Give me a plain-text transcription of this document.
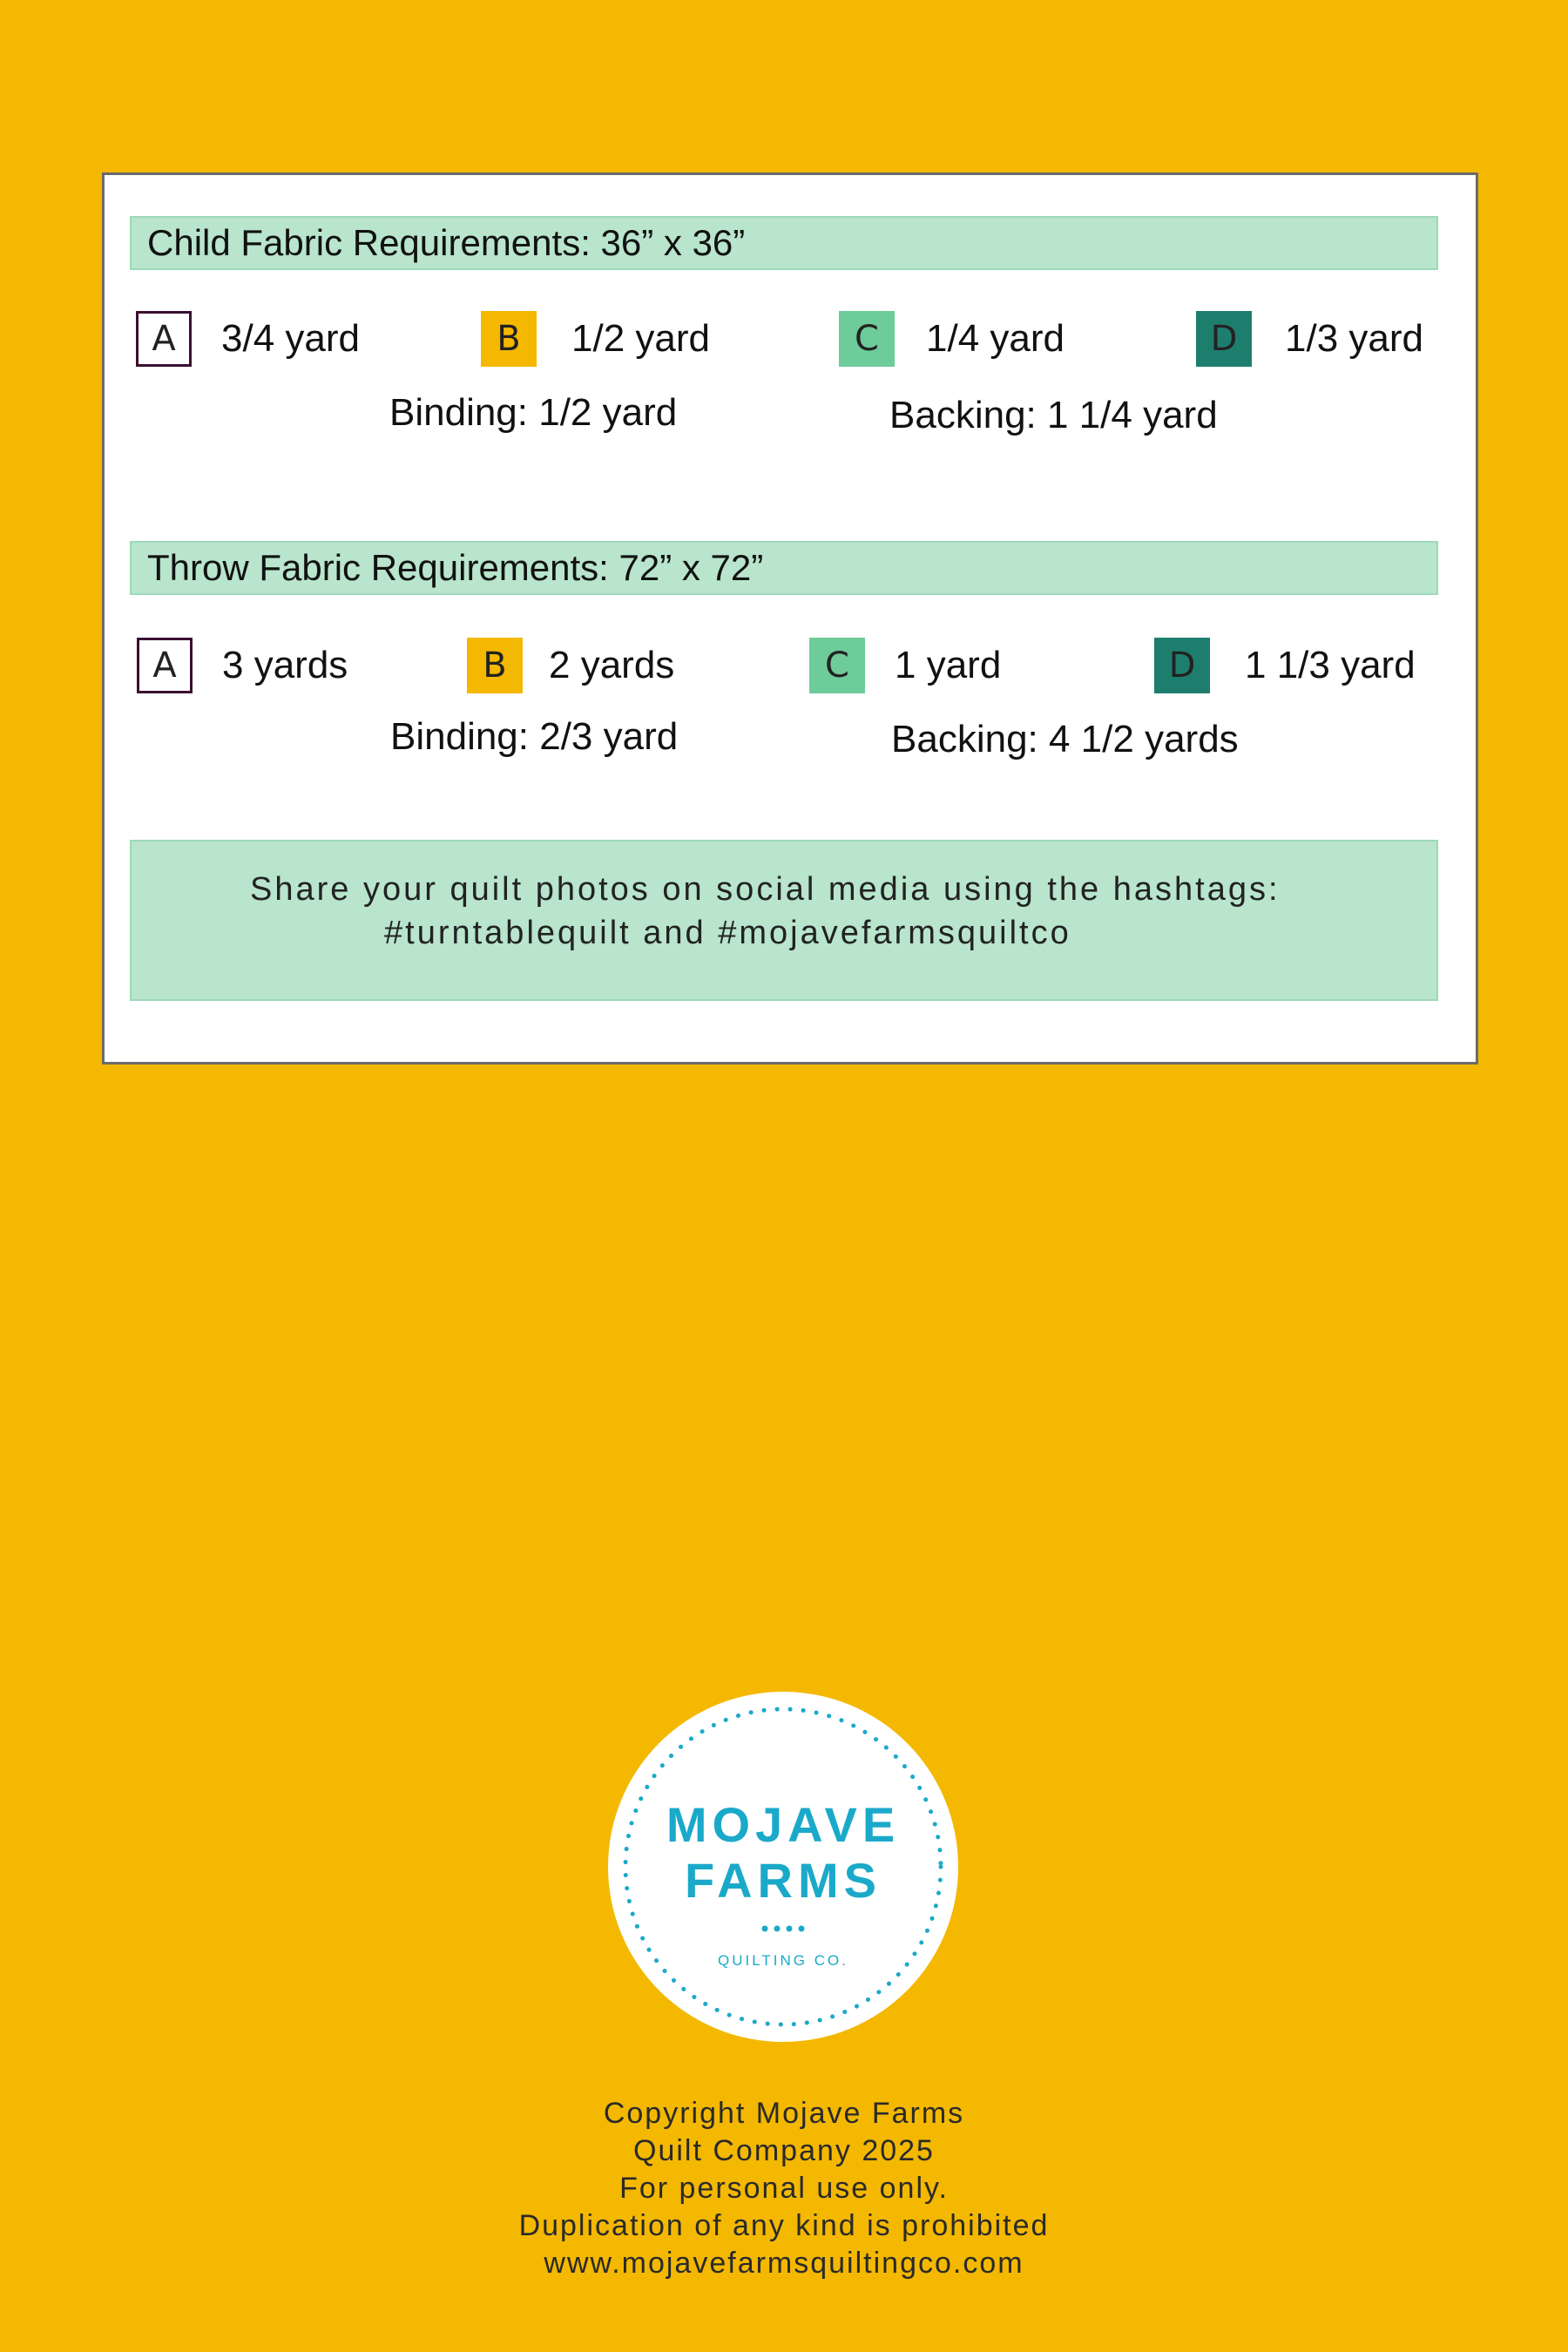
Child Fabric Requirements: 36” x 36”
A	3/4 yard	B	1/2 yard	C	1/4 yard	D	1/3 yard
Binding: 1/2 yard	Backing: 1 1/4 yard
Throw Fabric Requirements: 72” x 72”
A	3 yards	B	2 yards	C	1 yard	D	1 1/3 yard
Binding: 2/3 yard	Backing: 4 1/2 yards
Share your quilt photos on social media using the hashtags:
#turntablequilt and #mojavefarmsquiltco
MOJAVE
FARMS
QUILTING CO.
Copyright Mojave Farms
Quilt Company 2025
For personal use only.
Duplication of any kind is prohibited
www.mojavefarmsquiltingco.com
